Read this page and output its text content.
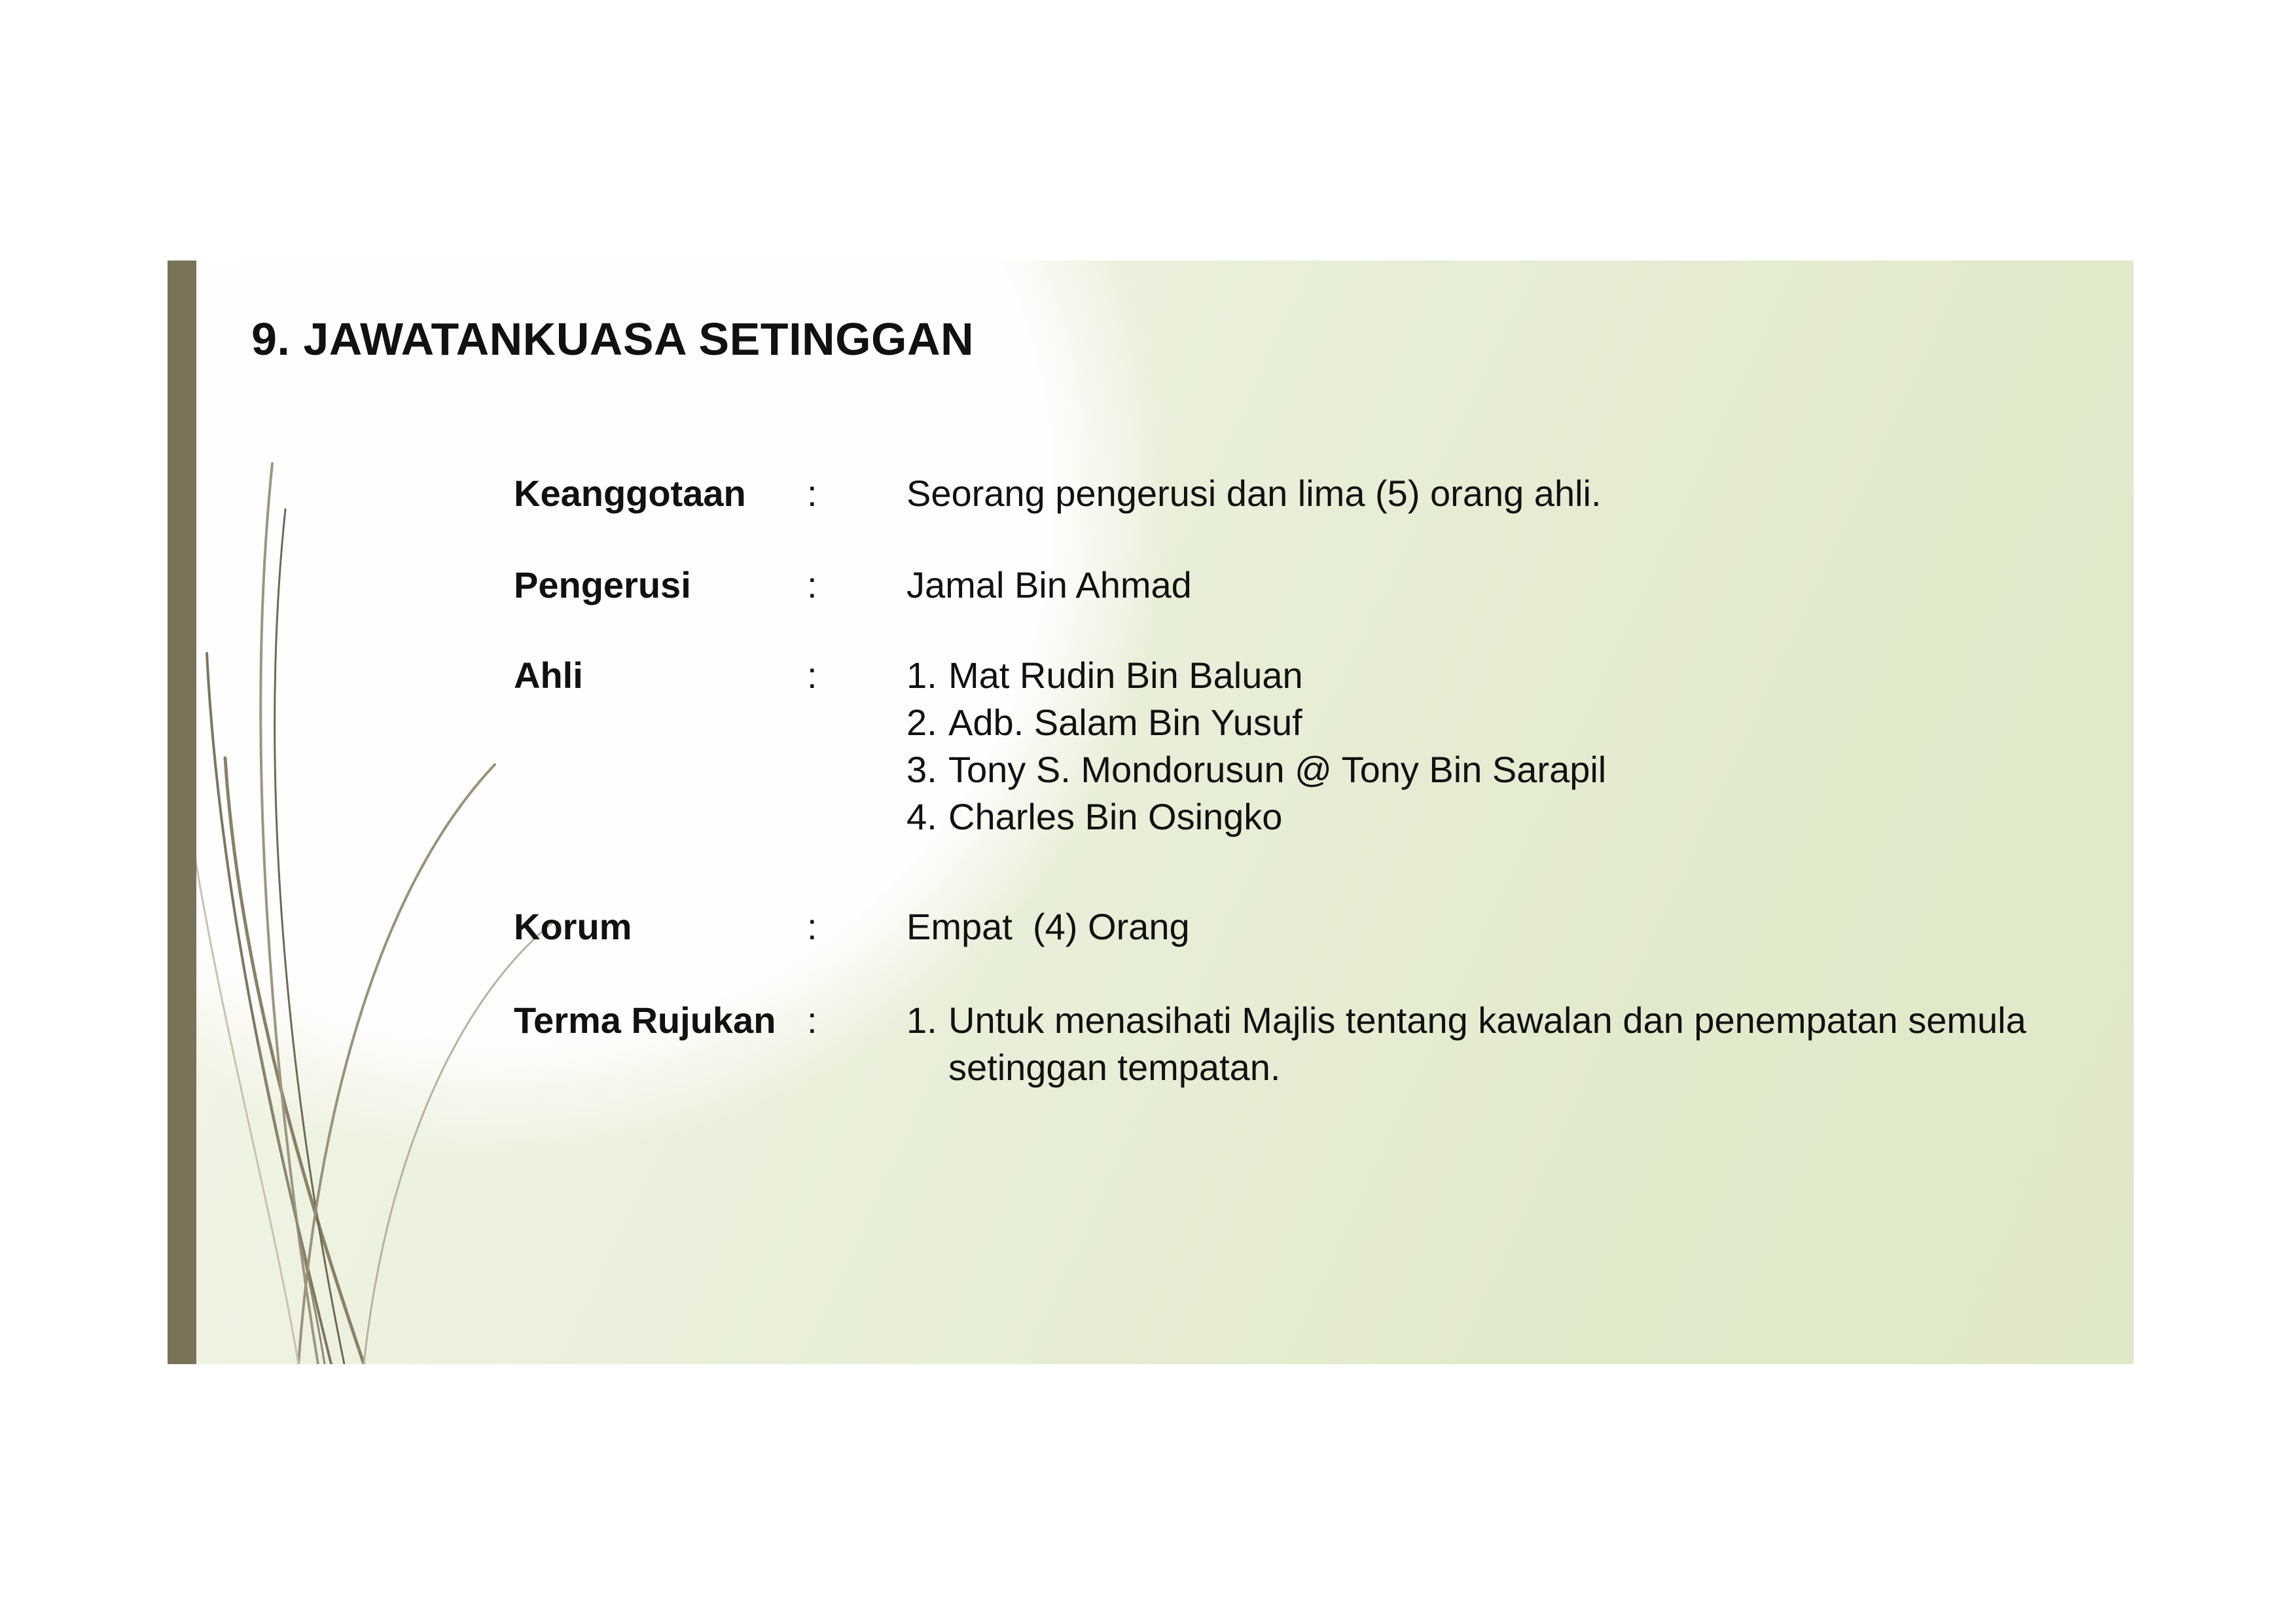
9. JAWATANKUASA SETINGGAN
Keanggotaan : Seorang pengerusi dan lima (5) orang ahli.
Pengerusi	: Jamal Bin Ahmad
Ahli	: 1. Mat Rudin Bin Baluan
2. Adb. Salam Bin Yusuf
3. Tony S. Mondorusun @ Tony Bin Sarapil
4. Charles Bin Osingko
Korum	: Empat  (4) Orang
Terma Rujukan : 1. Untuk menasihati Majlis tentang kawalan dan penempatan semula setinggan tempatan.
